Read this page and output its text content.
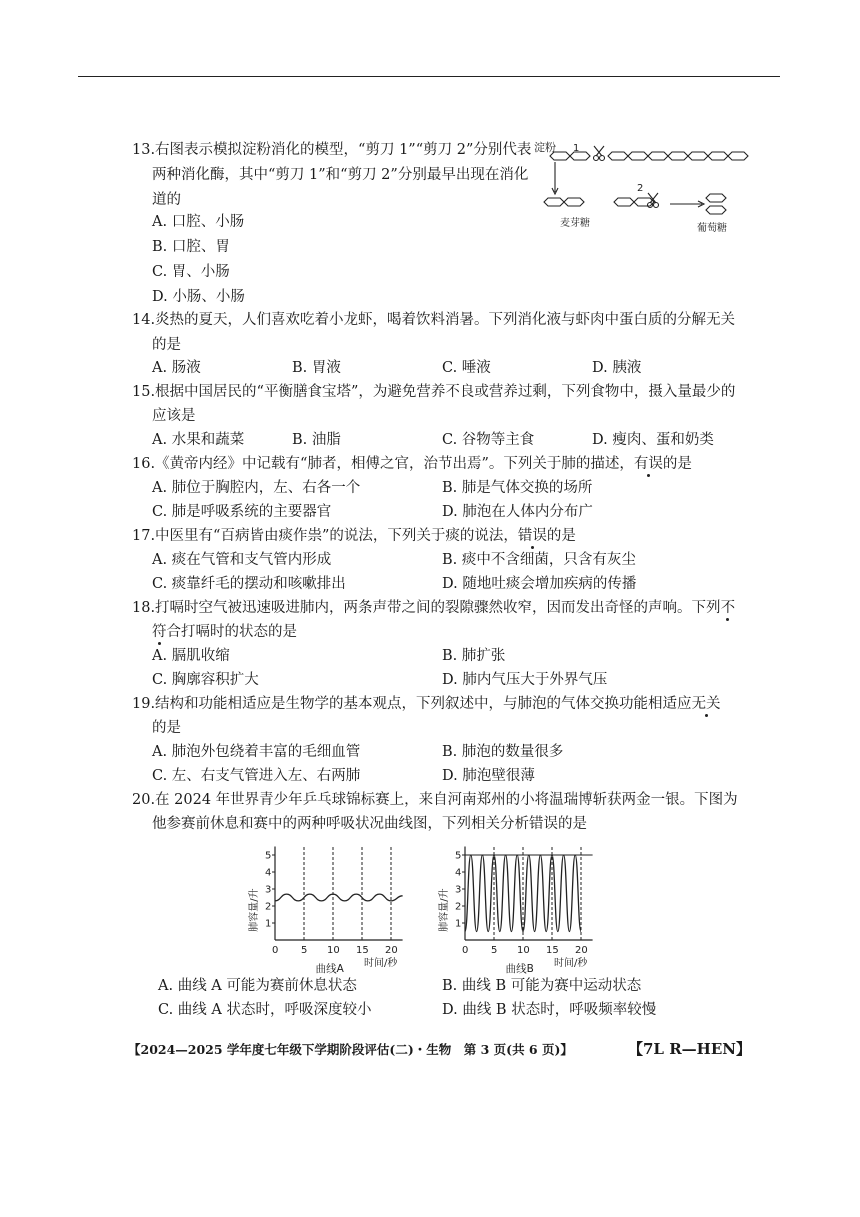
13.右图表示模拟淀粉消化的模型，“剪刀 1”“剪刀 2”分别代表
两种消化酶，其中“剪刀 1”和“剪刀 2”分别最早出现在消化
道的
A. 口腔、小肠
B. 口腔、胃
C. 胃、小肠
D. 小肠、小肠
淀粉 1
2
麦芽糖	葡萄糖
14.炎热的夏天，人们喜欢吃着小龙虾，喝着饮料消暑。下列消化液与虾肉中蛋白质的分解无关
的是
A. 肠液	B. 胃液	C. 唾液	D. 胰液
15.根据中国居民的“平衡膳食宝塔”，为避免营养不良或营养过剩，下列食物中，摄入量最少的
应该是
A. 水果和蔬菜	B. 油脂	C. 谷物等主食	D. 瘦肉、蛋和奶类
16.《黄帝内经》中记载有“肺者，相傅之官，治节出焉”。下列关于肺的描述，有误的是
A. 肺位于胸腔内，左、右各一个	B. 肺是气体交换的场所
C. 肺是呼吸系统的主要器官	D. 肺泡在人体内分布广
17.中医里有“百病皆由痰作祟”的说法，下列关于痰的说法，错误的是
A. 痰在气管和支气管内形成	B. 痰中不含细菌，只含有灰尘
C. 痰靠纤毛的摆动和咳嗽排出	D. 随地吐痰会增加疾病的传播
18.打嗝时空气被迅速吸进肺内，两条声带之间的裂隙骤然收窄，因而发出奇怪的声响。下列不
符合打嗝时的状态的是
A. 膈肌收缩	B. 肺扩张
C. 胸廓容积扩大	D. 肺内气压大于外界气压
19.结构和功能相适应是生物学的基本观点，下列叙述中，与肺泡的气体交换功能相适应无关
的是
A. 肺泡外包绕着丰富的毛细血管	B. 肺泡的数量很多
C. 左、右支气管进入左、右两肺	D. 肺泡壁很薄
20.在 2024 年世界青少年乒乓球锦标赛上，来自河南郑州的小将温瑞博斩获两金一银。下图为
他参赛前休息和赛中的两种呼吸状况曲线图，下列相关分析错误的是
1
2
3
4
5
0 5 10 15 20
肺容量/升
时间/秒
曲线A
1
2
3
4
5
0 5 10 15 20
肺容量/升
时间/秒
曲线B
A. 曲线 A 可能为赛前休息状态	B. 曲线 B 可能为赛中运动状态
C. 曲线 A 状态时，呼吸深度较小	D. 曲线 B 状态时，呼吸频率较慢
【2024—2025 学年度七年级下学期阶段评估(二)・生物　第 3 页(共 6 页)】	【7L R—HEN】
